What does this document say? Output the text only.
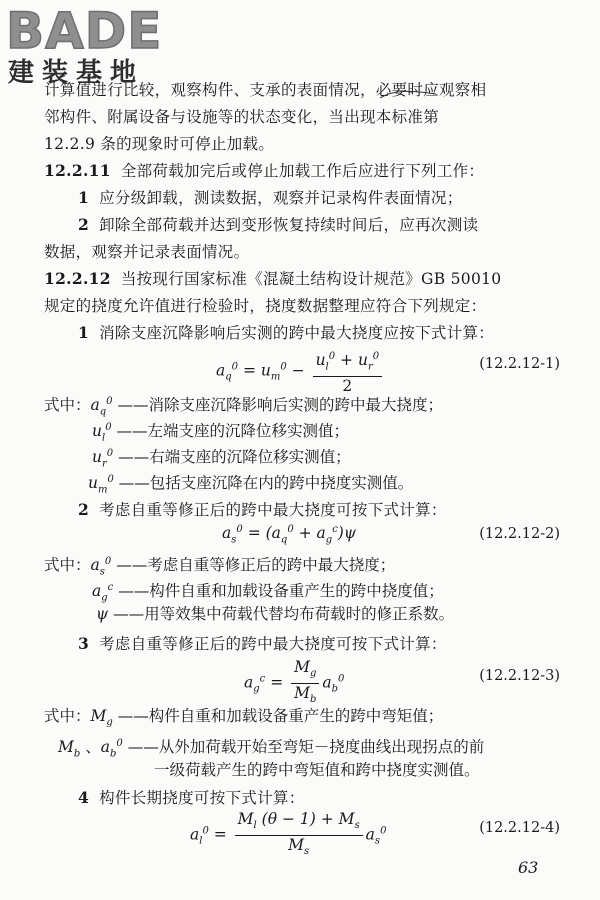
BADE
建装基地
计算值进行比较，观察构件、支承的表面情况，必要时应观察相
邻构件、附属设备与设施等的状态变化，当出现本标准第
12.2.9 条的现象时可停止加载。
12.2.11 全部荷载加完后或停止加载工作后应进行下列工作：
1 应分级卸载，测读数据，观察并记录构件表面情况；
2 卸除全部荷载并达到变形恢复持续时间后，应再次测读
数据，观察并记录表面情况。
12.2.12 当按现行国家标准《混凝土结构设计规范》GB 50010
规定的挠度允许值进行检验时，挠度数据整理应符合下列规定：
1 消除支座沉降影响后实测的跨中最大挠度应按下式计算：
$a_q^0 = u_m^0 - \frac{u_l^0 + u_r^0}{2}$	(12.2.12-1)
式中：$a_q^0$ ——消除支座沉降影响后实测的跨中最大挠度；
$u_l^0$ ——左端支座的沉降位移实测值；
$u_r^0$ ——右端支座的沉降位移实测值；
$u_m^0$ ——包括支座沉降在内的跨中挠度实测值。
2 考虑自重等修正后的跨中最大挠度可按下式计算：
$a_s^0 = (a_q^0 + a_g^c)\psi$	(12.2.12-2)
式中：$a_s^0$ ——考虑自重等修正后的跨中最大挠度；
$a_g^c$ ——构件自重和加载设备重产生的跨中挠度值；
ψ ——用等效集中荷载代替均布荷载时的修正系数。
3 考虑自重等修正后的跨中最大挠度可按下式计算：
$a_g^c = \frac{M_g}{M_b} a_b^0$	(12.2.12-3)
式中：$M_g$ ——构件自重和加载设备重产生的跨中弯矩值；
$M_b$ 、$a_b^0$ ——从外加荷载开始至弯矩－挠度曲线出现拐点的前
一级荷载产生的跨中弯矩值和跨中挠度实测值。
4 构件长期挠度可按下式计算：
$a_l^0 = \frac{M_l (\theta - 1) + M_s}{M_s} a_s^0$	(12.2.12-4)
63
